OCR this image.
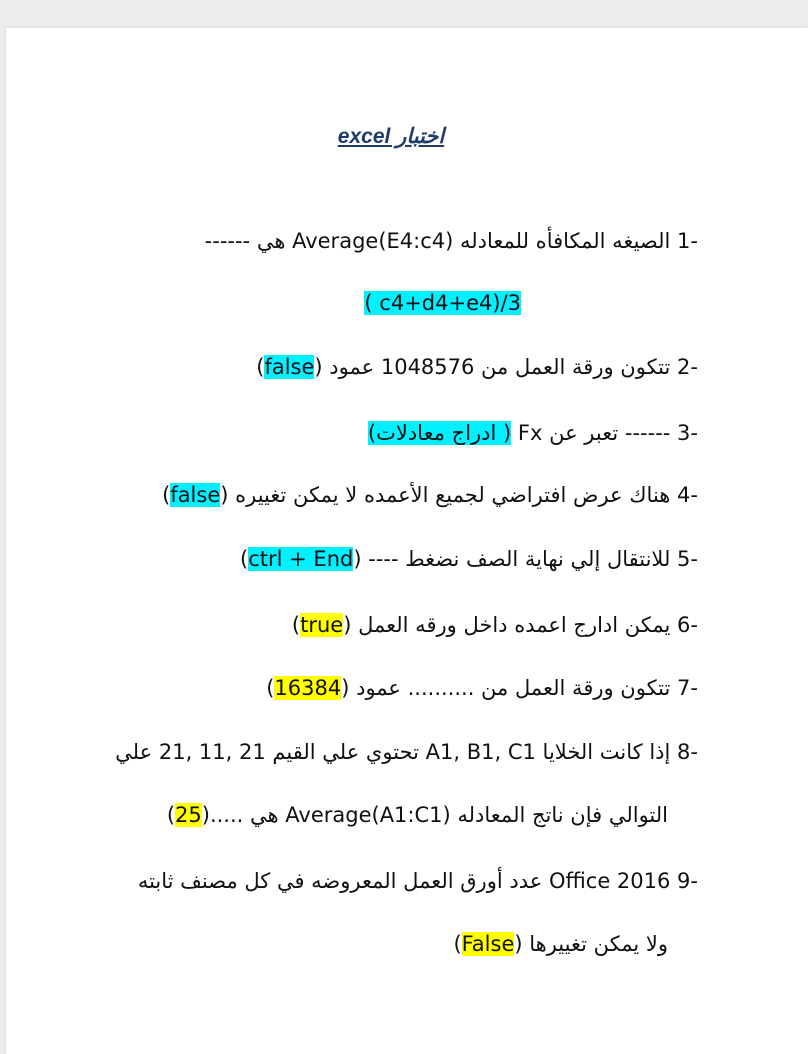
اختبار excel

-1 الصيغه المكافأه للمعادله Average(E4:c4) هي ------

( c4+d4+e4)/3

-2 تتكون ورقة العمل من 1048576 عمود (false)

-3 ------ تعبر عن Fx ( ادراج معادلات)

-4 هناك عرض افتراضي لجميع الأعمده لا يمكن تغييره (false)

-5 للانتقال إلي نهاية الصف نضغط ---- (ctrl + End)

-6 يمكن ادارج اعمده داخل ورقه العمل (true)

-7 تتكون ورقة العمل من .......... عمود (16384)

-8 إذا كانت الخلايا A1, B1, C1 تحتوي علي القيم 21 ,11 ,21 علي

التوالي فإن ناتج المعادله Average(A1:C1) هي .....(25)

-9 Office 2016 عدد أورق العمل المعروضه في كل مصنف ثابته

ولا يمكن تغييرها (False)
